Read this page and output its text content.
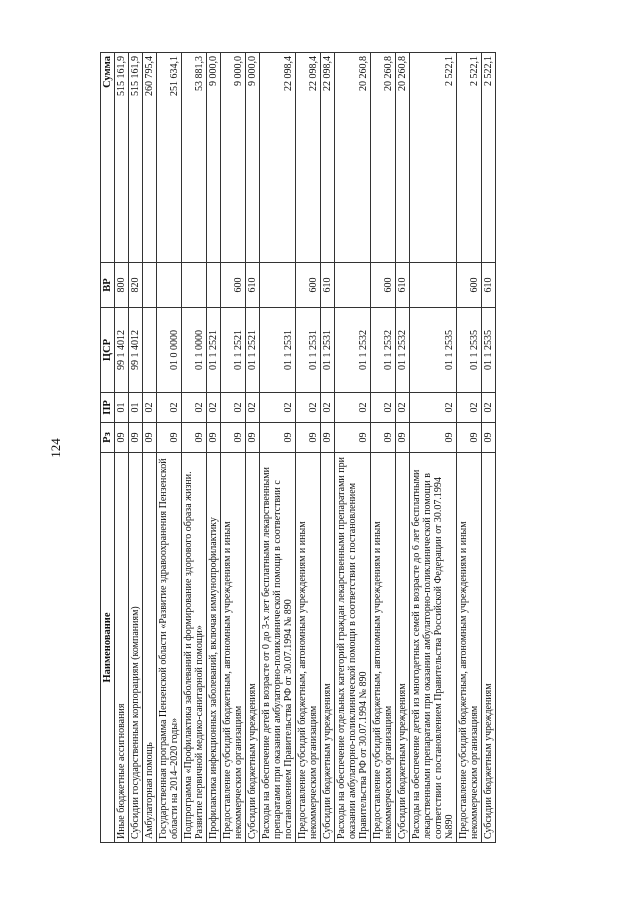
124
Наименование	Рз	ПР	ЦСР	ВР	Сумма
Иные бюджетные ассигнования	09	01	99 1 4012	800	515 161,9
Субсидии государственным корпорациям (компаниям)	09	01	99 1 4012	820	515 161,9
Амбулаторная помощь	09	02			260 795,4
Государственная программа Пензенской области «Развитие здравоохранения Пензенской области на 2014–2020 годы»	09	02	01 0 0000		251 634,1
Подпрограмма «Профилактика заболеваний и формирование здорового образа жизни. Развитие первичной медико-санитарной помощи»	09	02	01 1 0000		53 881,3
Профилактика инфекционных заболеваний, включая иммунопрофилактику	09	02	01 1 2521		9 000,0
Предоставление субсидий бюджетным, автономным учреждениям и иным некоммерческим организациям	09	02	01 1 2521	600	9 000,0
Субсидии бюджетным учреждениям	09	02	01 1 2521	610	9 000,0
Расходы на обеспечение детей в возрасте от 0 до 3-х лет бесплатными лекарственными препаратами при оказании амбулаторно-поликлинической помощи в соответствии с постановлением Правительства РФ от 30.07.1994 № 890	09	02	01 1 2531		22 098,4
Предоставление субсидий бюджетным, автономным учреждениям и иным некоммерческим организациям	09	02	01 1 2531	600	22 098,4
Субсидии бюджетным учреждениям	09	02	01 1 2531	610	22 098,4
Расходы на обеспечение отдельных категорий граждан лекарственными препаратами при оказании амбулаторно-поликлинической помощи в соответствии с постановлением Правительства РФ от 30.07.1994 № 890	09	02	01 1 2532		20 260,8
Предоставление субсидий бюджетным, автономным учреждениям и иным некоммерческим организациям	09	02	01 1 2532	600	20 260,8
Субсидии бюджетным учреждениям	09	02	01 1 2532	610	20 260,8
Расходы на обеспечение детей из многодетных семей в возрасте до 6 лет бесплатными лекарственными препаратами при оказании амбулаторно-поликлинической помощи в соответствии с постановлением Правительства Российской Федерации от 30.07.1994 №890	09	02	01 1 2535		2 522,1
Предоставление субсидий бюджетным, автономным учреждениям и иным некоммерческим организациям	09	02	01 1 2535	600	2 522,1
Субсидии бюджетным учреждениям	09	02	01 1 2535	610	2 522,1
